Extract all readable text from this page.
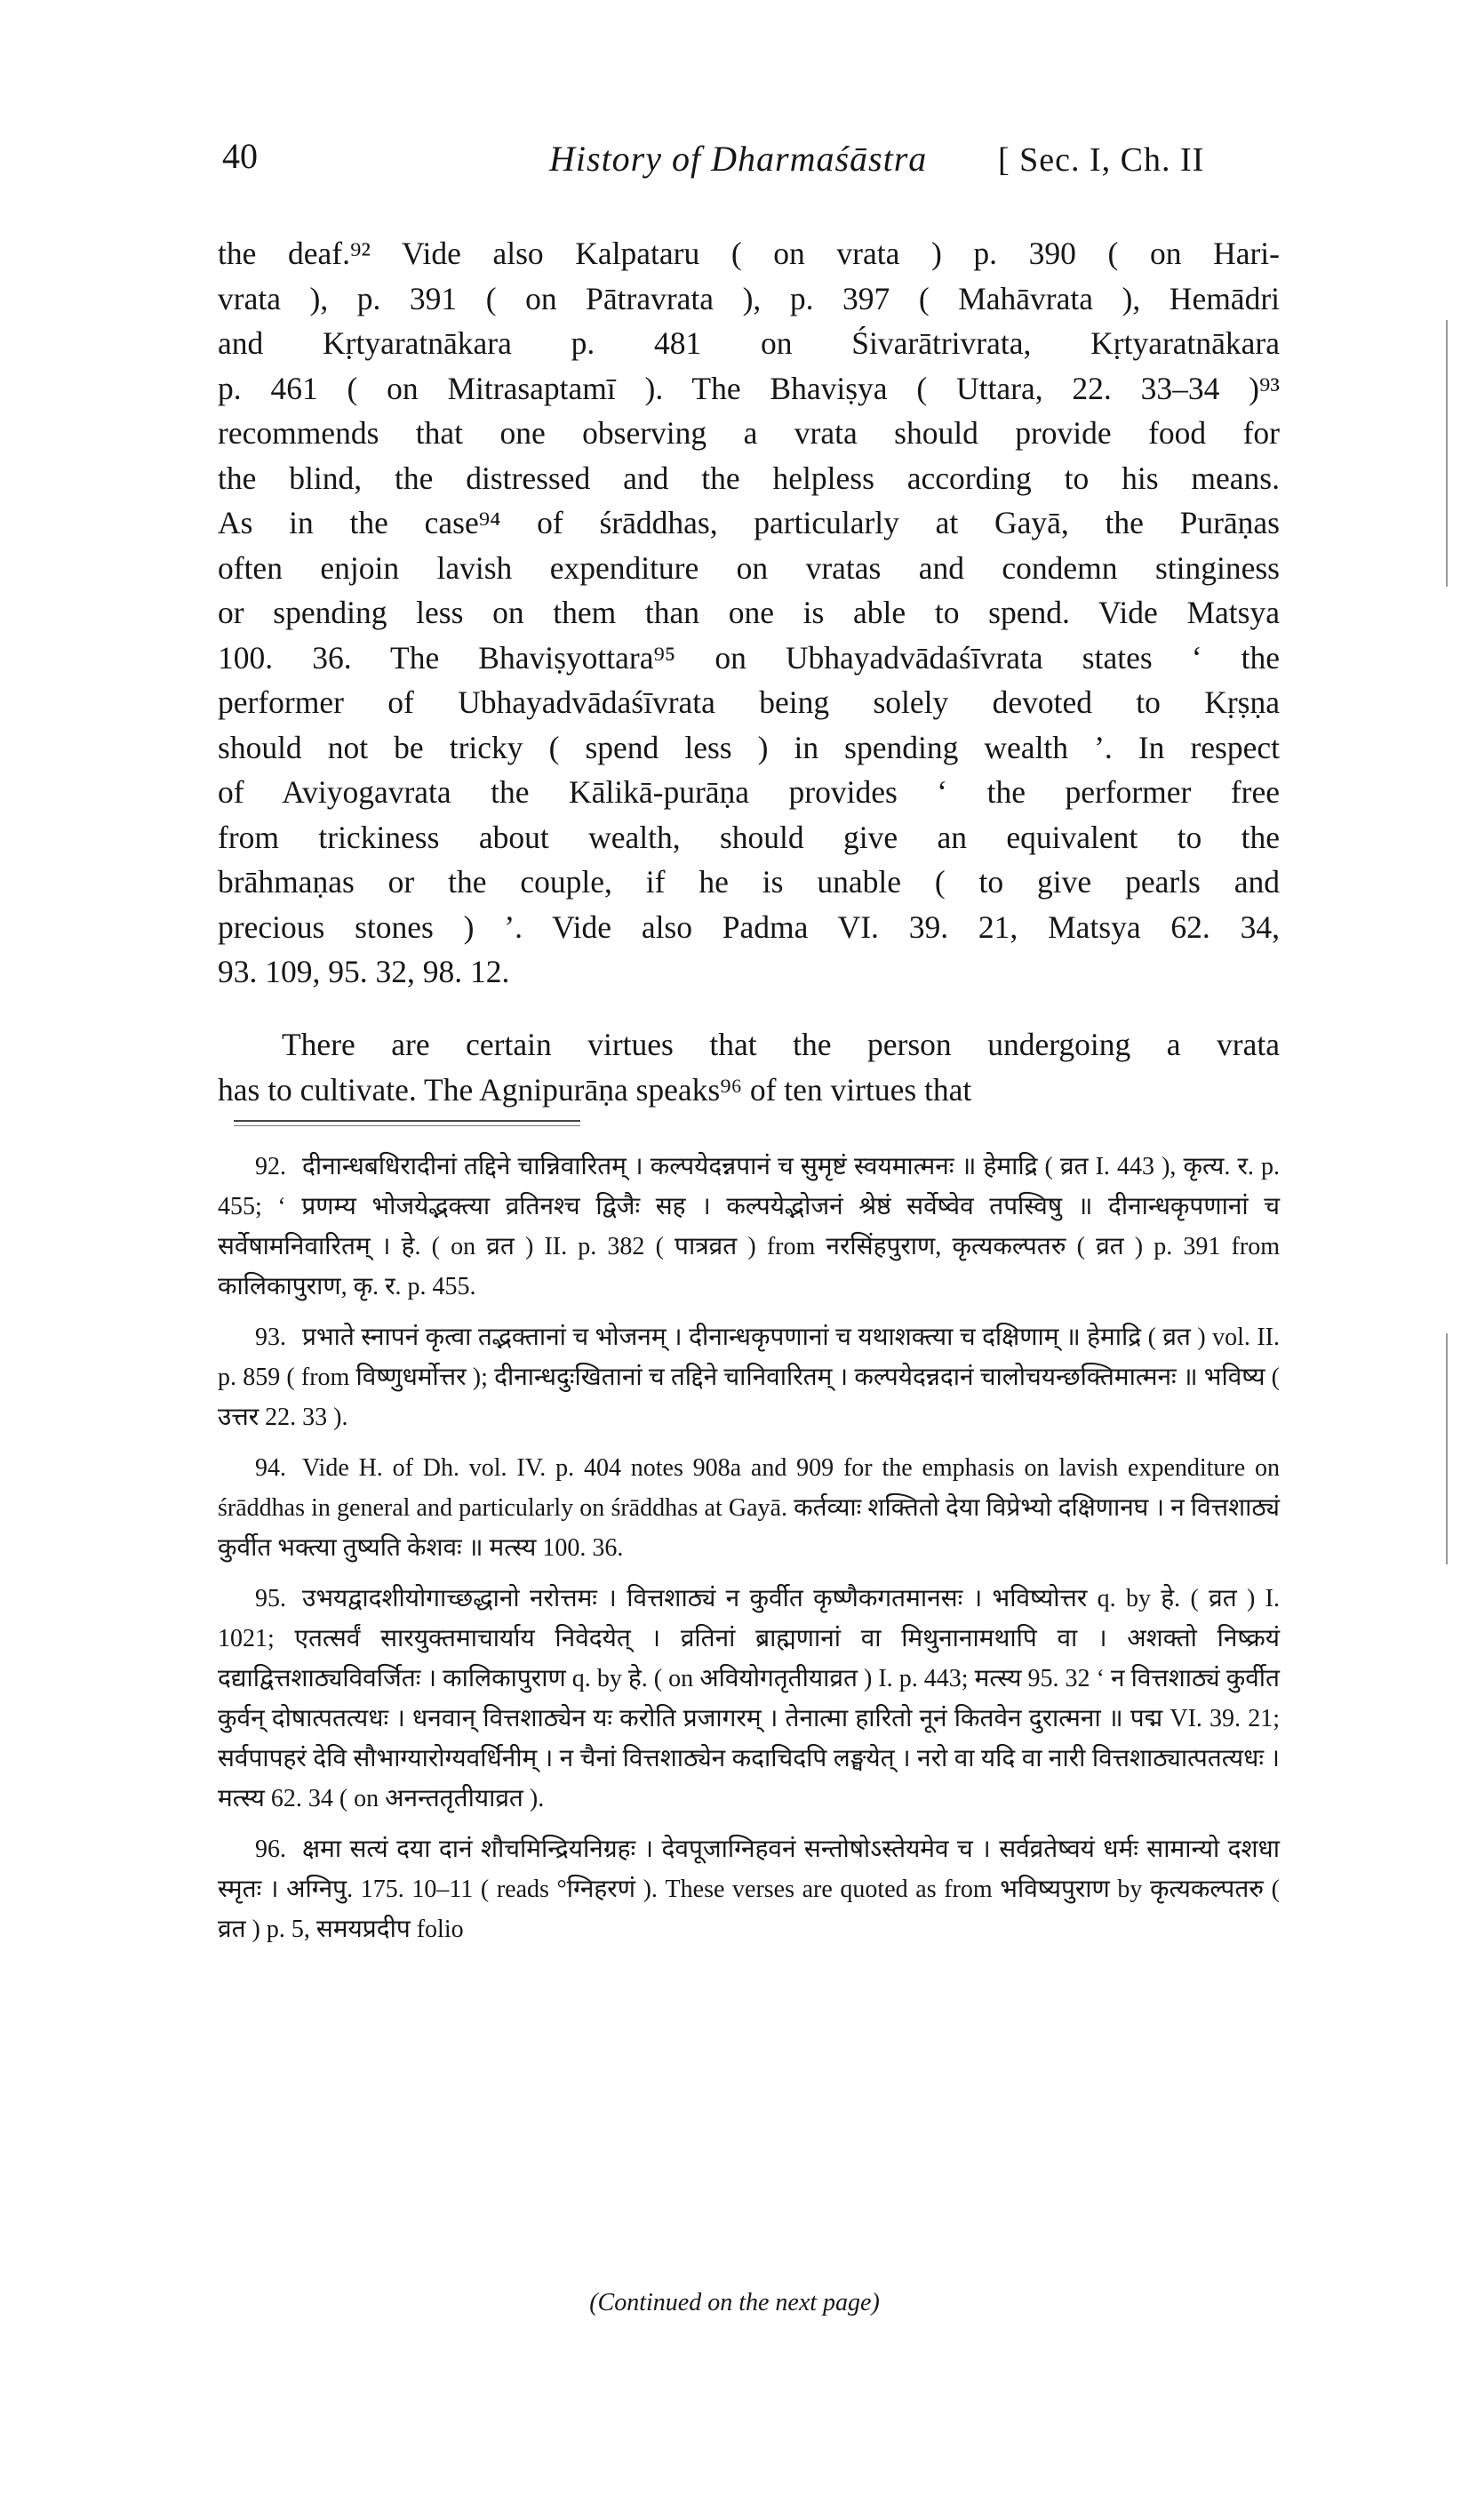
40	History of Dharmaśāstra [ Sec. I, Ch. II
the deaf.⁹² Vide also Kalpataru ( on vrata ) p. 390 ( on Hari-
vrata ), p. 391 ( on Pātravrata ), p. 397 ( Mahāvrata ), Hemādri
and Kṛtyaratnākara p. 481 on Śivarātrivrata, Kṛtyaratnākara
p. 461 ( on Mitrasaptamī ). The Bhaviṣya ( Uttara, 22. 33–34 )⁹³
recommends that one observing a vrata should provide food for
the blind, the distressed and the helpless according to his means.
As in the case⁹⁴ of śrāddhas, particularly at Gayā, the Purāṇas
often enjoin lavish expenditure on vratas and condemn stinginess
or spending less on them than one is able to spend. Vide Matsya
100. 36. The Bhaviṣyottara⁹⁵ on Ubhayadvādaśīvrata states ‘ the
performer of Ubhayadvādaśīvrata being solely devoted to Kṛṣṇa
should not be tricky ( spend less ) in spending wealth ’. In respect
of Aviyogavrata the Kālikā-purāṇa provides ‘ the performer free
from trickiness about wealth, should give an equivalent to the
brāhmaṇas or the couple, if he is unable ( to give pearls and
precious stones ) ’. Vide also Padma VI. 39. 21, Matsya 62. 34,
93. 109, 95. 32, 98. 12.
There are certain virtues that the person undergoing a vrata
has to cultivate. The Agnipurāṇa speaks⁹⁶ of ten virtues that

92. दीनान्धबधिरादीनां तद्दिने चान्निवारितम् । कल्पयेदन्नपानं च सुमृष्टं स्वयमात्मनः ॥ हेमाद्रि ( व्रत I. 443 ), कृत्य. र. p. 455; ‘ प्रणम्य भोजयेद्भक्त्या व्रतिनश्च द्विजैः सह । कल्पयेद्भोजनं श्रेष्ठं सर्वेष्वेव तपस्विषु ॥ दीनान्धकृपणानां च सर्वेषामनिवारितम् । हे. ( on व्रत ) II. p. 382 ( पात्रव्रत ) from नरसिंहपुराण, कृत्यकल्पतरु ( व्रत ) p. 391 from कालिकापुराण, कृ. र. p. 455.

93. प्रभाते स्नापनं कृत्वा तद्भक्तानां च भोजनम् । दीनान्धकृपणानां च यथाशक्त्या च दक्षिणाम् ॥ हेमाद्रि ( व्रत ) vol. II. p. 859 ( from विष्णुधर्मोत्तर ); दीनान्धदुःखितानां च तद्दिने चानिवारितम् । कल्पयेदन्नदानं चालोचयन्छक्तिमात्मनः ॥ भविष्य ( उत्तर 22. 33 ).

94. Vide H. of Dh. vol. IV. p. 404 notes 908a and 909 for the emphasis on lavish expenditure on śrāddhas in general and particularly on śrāddhas at Gayā. कर्तव्याः शक्तितो देया विप्रेभ्यो दक्षिणानघ । न वित्तशाठ्यं कुर्वीत भक्त्या तुष्यति केशवः ॥ मत्स्य 100. 36.

95. उभयद्वादशीयोगाच्छद्धानो नरोत्तमः । वित्तशाठ्यं न कुर्वीत कृष्णैकगतमानसः । भविष्योत्तर q. by हे. ( व्रत ) I. 1021; एतत्सर्वं सारयुक्तमाचार्याय निवेदयेत् । व्रतिनां ब्राह्मणानां वा मिथुनानामथापि वा । अशक्तो निष्क्रयं दद्याद्वित्तशाठ्यविवर्जितः । कालिकापुराण q. by हे. ( on अवियोगतृतीयाव्रत ) I. p. 443; मत्स्य 95. 32 ‘ न वित्तशाठ्यं कुर्वीत कुर्वन् दोषात्पतत्यधः । धनवान् वित्तशाठ्येन यः करोति प्रजागरम् । तेनात्मा हारितो नूनं कितवेन दुरात्मना ॥ पद्म VI. 39. 21; सर्वपापहरं देवि सौभाग्यारोग्यवर्धिनीम् । न चैनां वित्तशाठ्येन कदाचिदपि लङ्घयेत् । नरो वा यदि वा नारी वित्तशाठ्यात्पतत्यधः । मत्स्य 62. 34 ( on अनन्ततृतीयाव्रत ).

96. क्षमा सत्यं दया दानं शौचमिन्द्रियनिग्रहः । देवपूजाग्निहवनं सन्तोषोऽस्तेयमेव च । सर्वव्रतेष्वयं धर्मः सामान्यो दशधा स्मृतः । अग्निपु. 175. 10–11 ( reads °ग्निहरणं ). These verses are quoted as from भविष्यपुराण by कृत्यकल्पतरु ( व्रत ) p. 5, समयप्रदीप folio

(Continued on the next page)
